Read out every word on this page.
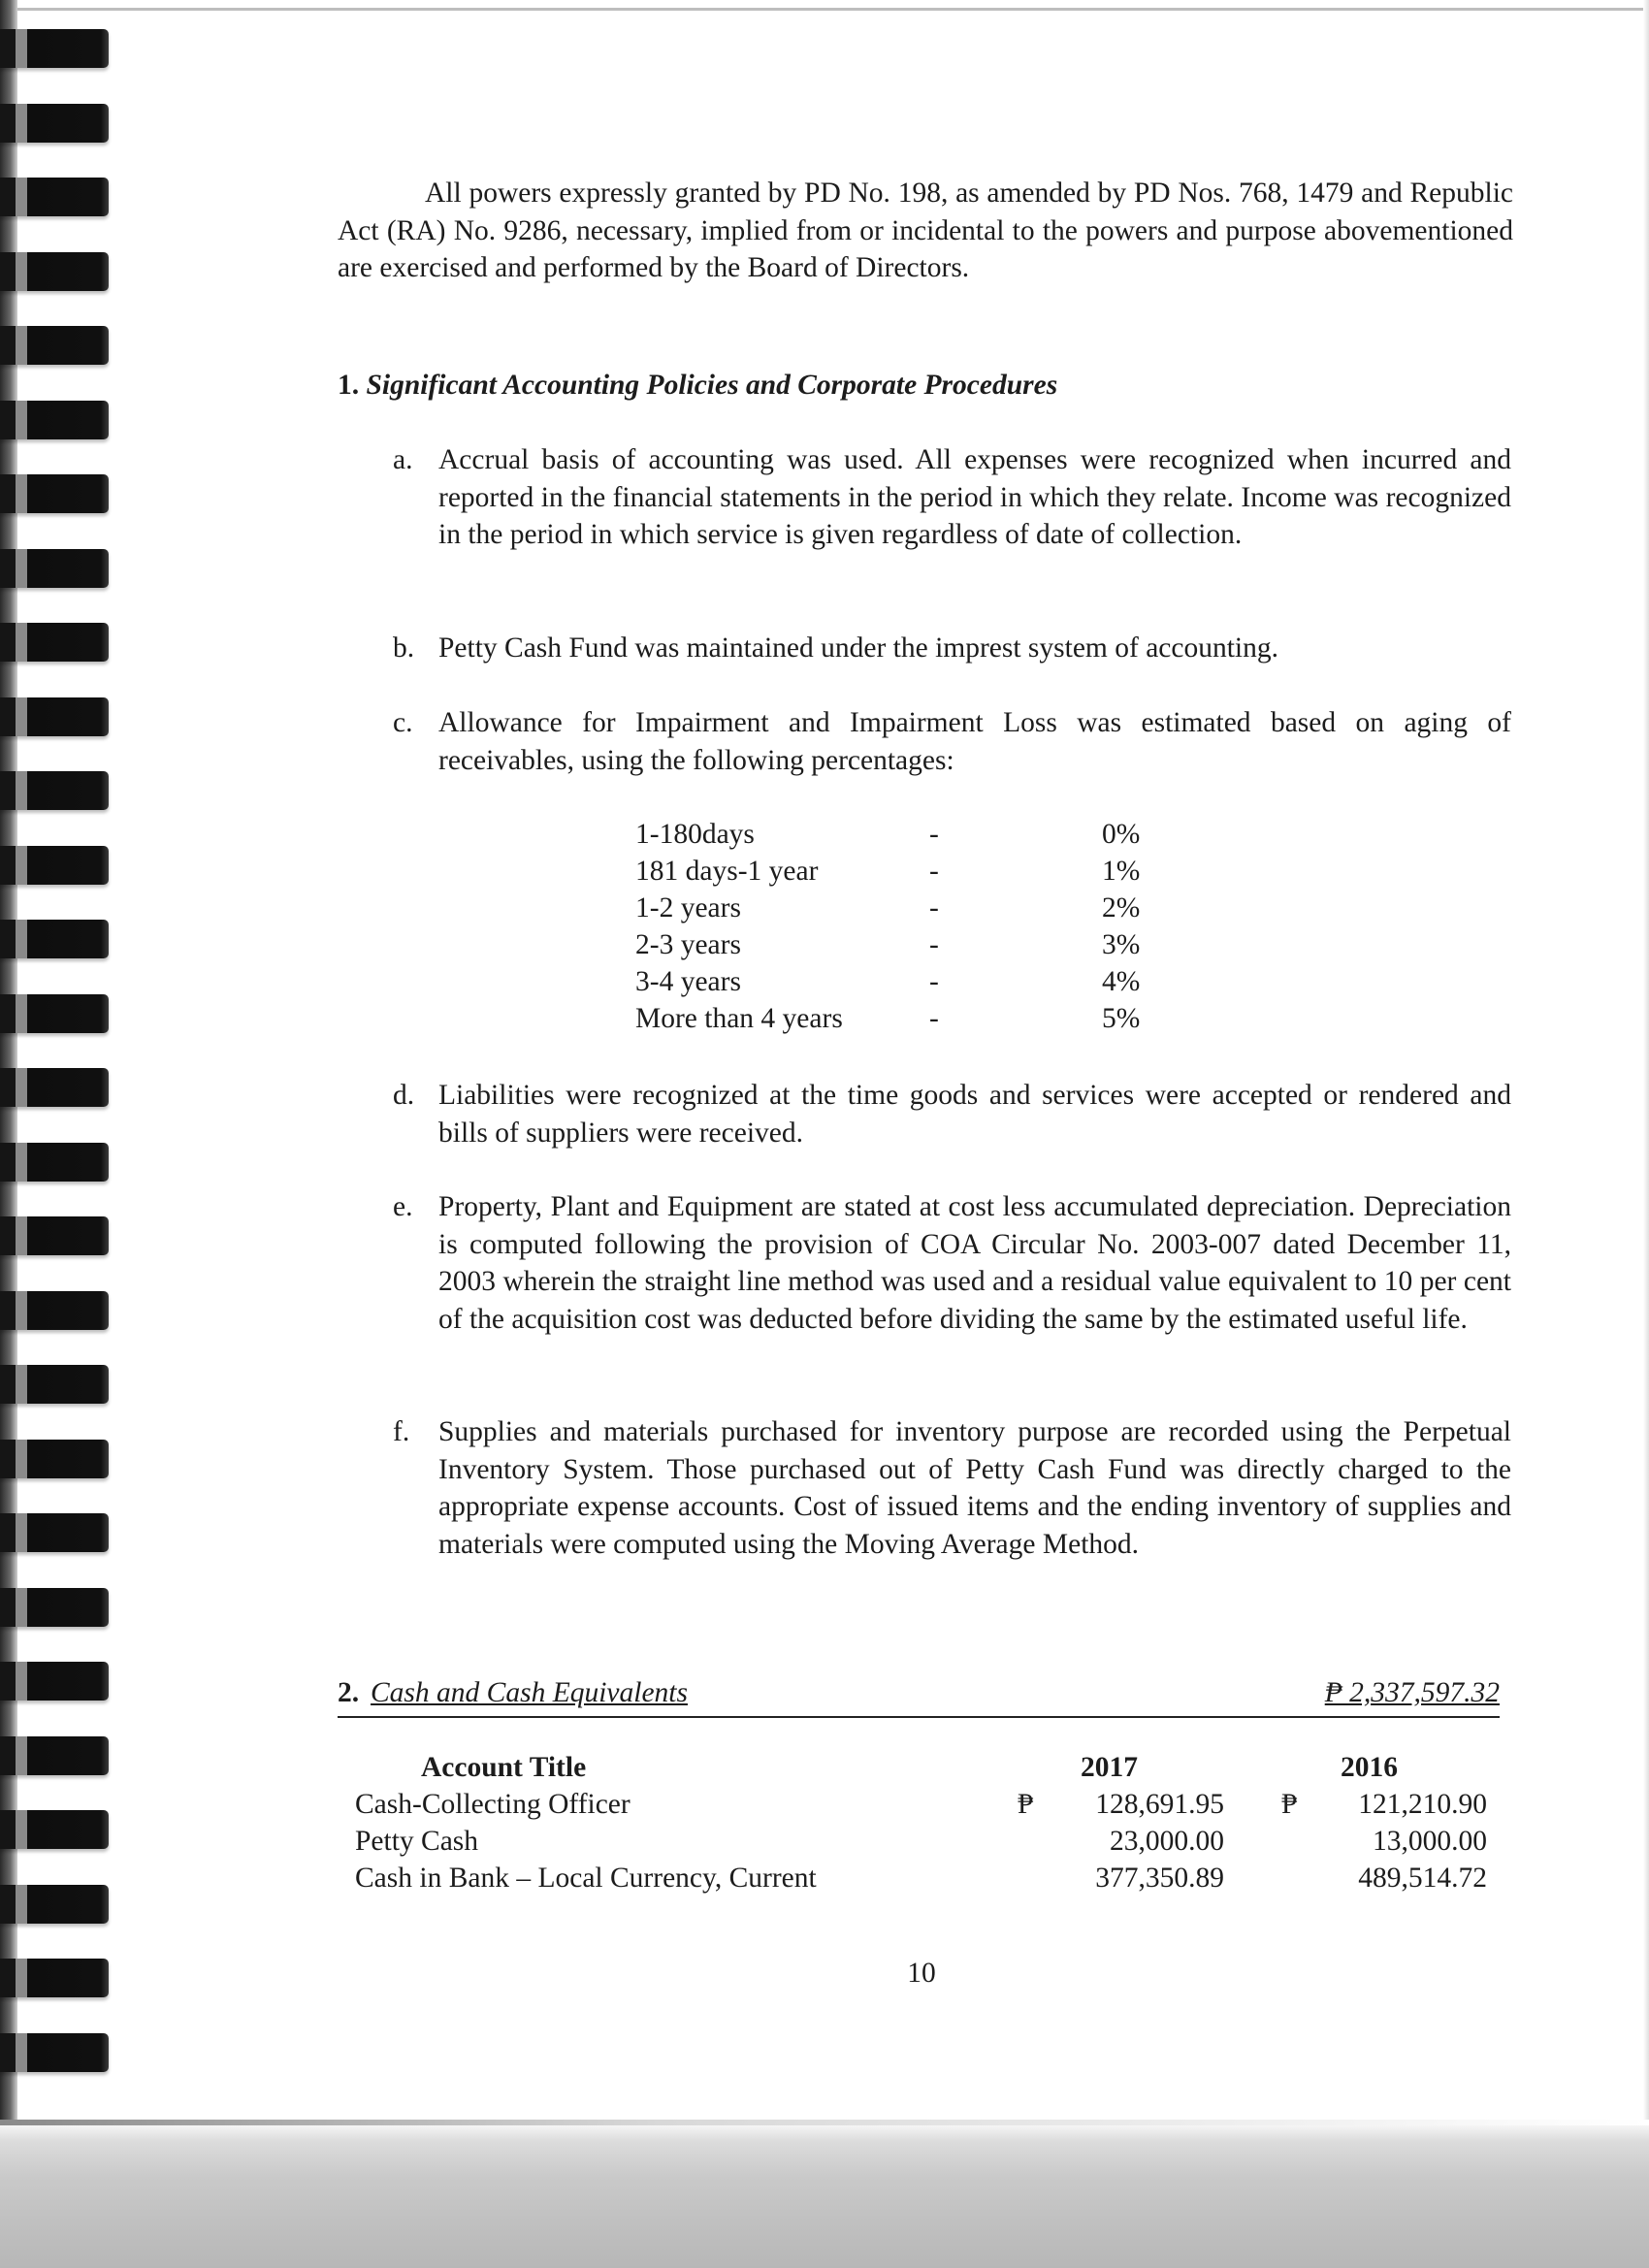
All powers expressly granted by PD No. 198, as amended by PD Nos. 768, 1479 and Republic Act (RA) No. 9286, necessary, implied from or incidental to the powers and purpose abovementioned are exercised and performed by the Board of Directors.
1. Significant Accounting Policies and Corporate Procedures
a. Accrual basis of accounting was used. All expenses were recognized when incurred and reported in the financial statements in the period in which they relate. Income was recognized in the period in which service is given regardless of date of collection.
b. Petty Cash Fund was maintained under the imprest system of accounting.
c. Allowance for Impairment and Impairment Loss was estimated based on aging of receivables, using the following percentages:
1-180days	-	0%
181 days-1 year	-	1%
1-2 years	-	2%
2-3 years	-	3%
3-4 years	-	4%
More than 4 years	-	5%
d. Liabilities were recognized at the time goods and services were accepted or rendered and bills of suppliers were received.
e. Property, Plant and Equipment are stated at cost less accumulated depreciation. Depreciation is computed following the provision of COA Circular No. 2003-007 dated December 11, 2003 wherein the straight line method was used and a residual value equivalent to 10 per cent of the acquisition cost was deducted before dividing the same by the estimated useful life.
f. Supplies and materials purchased for inventory purpose are recorded using the Perpetual Inventory System. Those purchased out of Petty Cash Fund was directly charged to the appropriate expense accounts. Cost of issued items and the ending inventory of supplies and materials were computed using the Moving Average Method.
2. Cash and Cash Equivalents	₱ 2,337,597.32
Account Title	2017	2016
Cash-Collecting Officer	₱	128,691.95 ₱	121,210.90
Petty Cash	23,000.00	13,000.00
Cash in Bank – Local Currency, Current	377,350.89	489,514.72
10
